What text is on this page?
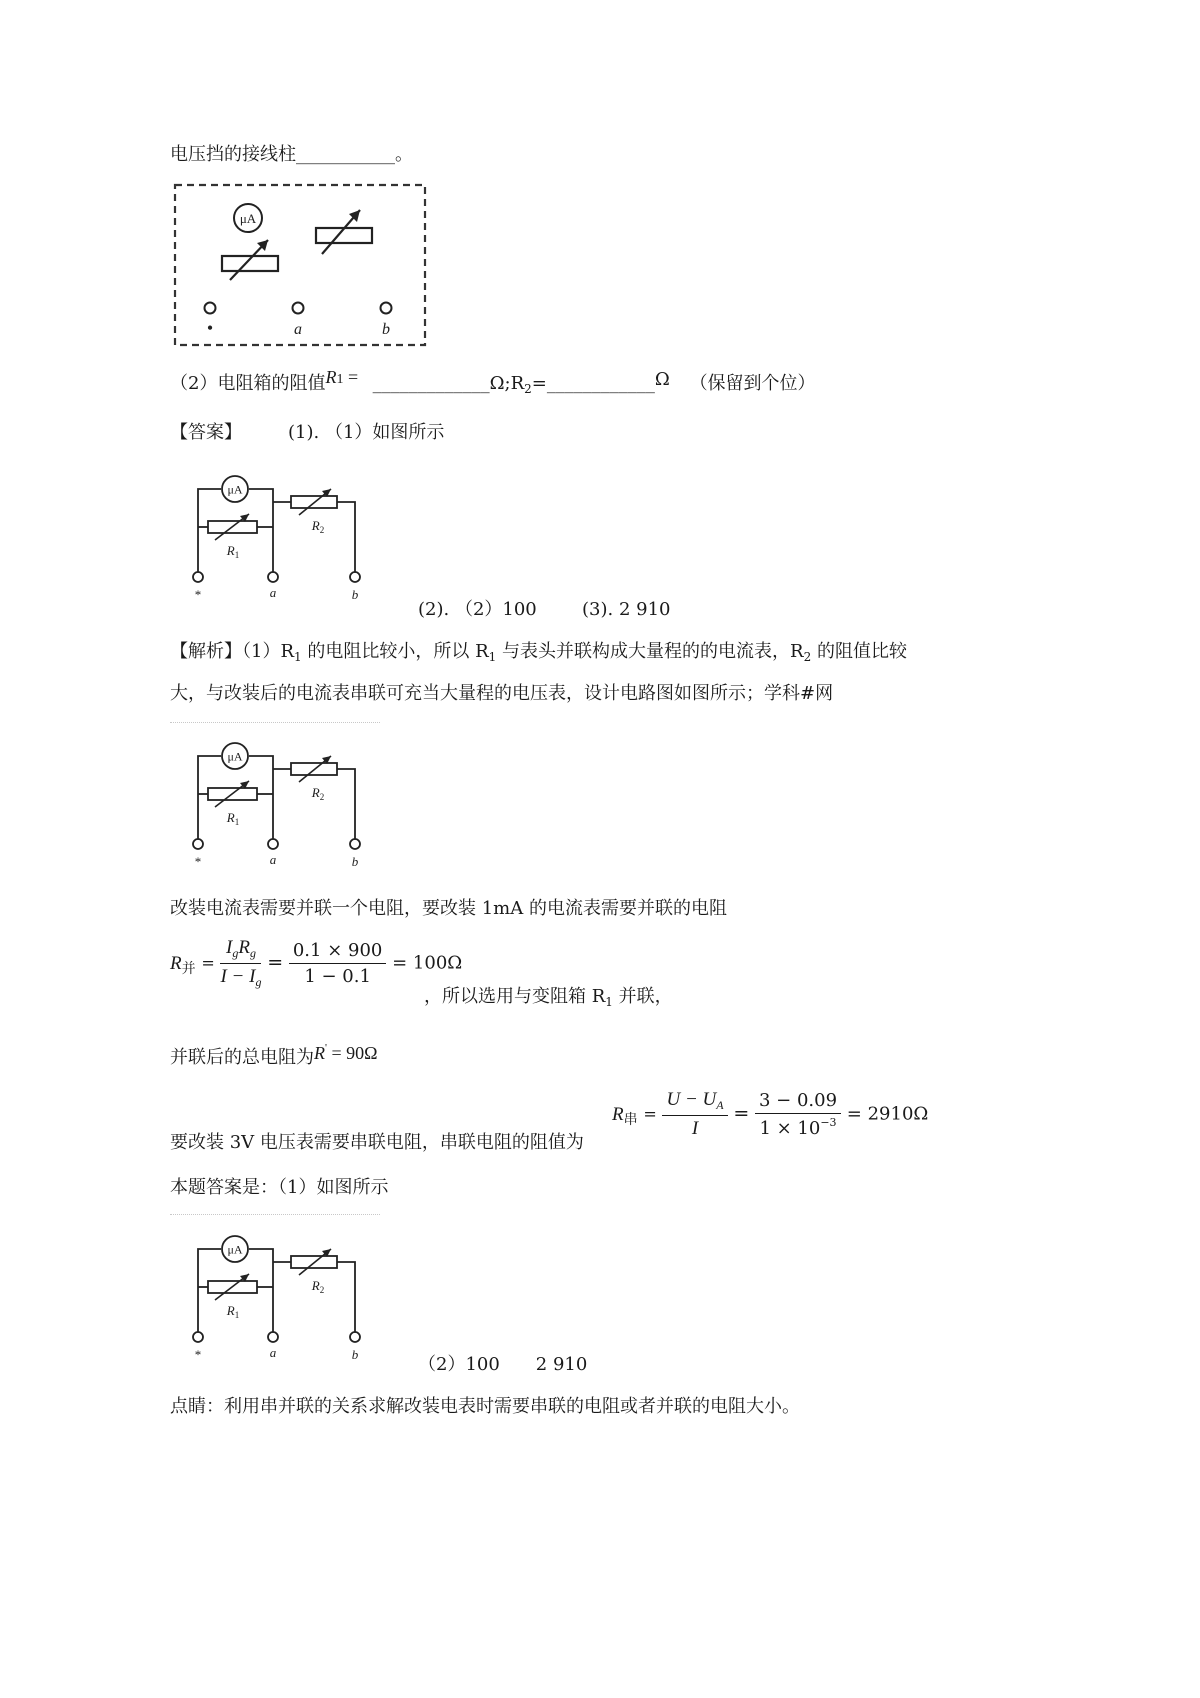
电压挡的接线柱___________。
μA
•	a	b
（2）电阻箱的阻值$R1 = \_\_\_\_\_\_\_\_\_\_\_\_\_\Omega;R_2=\_\_\_\_\_\_\_\_\_\_\_\_\Omega$ （保留到个位）
【答案】	(1). （1）如图所示
μA
$R_1$
$R_2$
*	a	b
(2). （2）100	(3). 2 910
【解析】$(1)R_1$ 的电阻比较小，所以 $R_1$ 与表头并联构成大量程的的电流表，$R_2$ 的阻值比较
大，与改装后的电流表串联可充当大量程的电压表，设计电路图如图所示；学科#网
μA
$R_1$
$R_2$
*	a	b
改装电流表需要并联一个电阻，要改装 1mA 的电流表需要并联的电阻
$R_并 = \frac{I_gR_g}{I - I_g} = \frac{0.1 \times 900}{1 - 0.1} = 100\Omega$
，所以选用与变阻箱 $R_1$ 并联，
并联后的总电阻为R' = 90Ω
$R_串 = \frac{U - U_A}{I} = \frac{3 - 0.09}{1 \times 10^{-3}} = 2910\Omega$
要改装 3V 电压表需要串联电阻，串联电阻的阻值为
本题答案是：（1）如图所示
μA
$R_1$
$R_2$
*	a	b	（2）100　　2 910
点睛：利用串并联的关系求解改装电表时需要串联的电阻或者并联的电阻大小。
